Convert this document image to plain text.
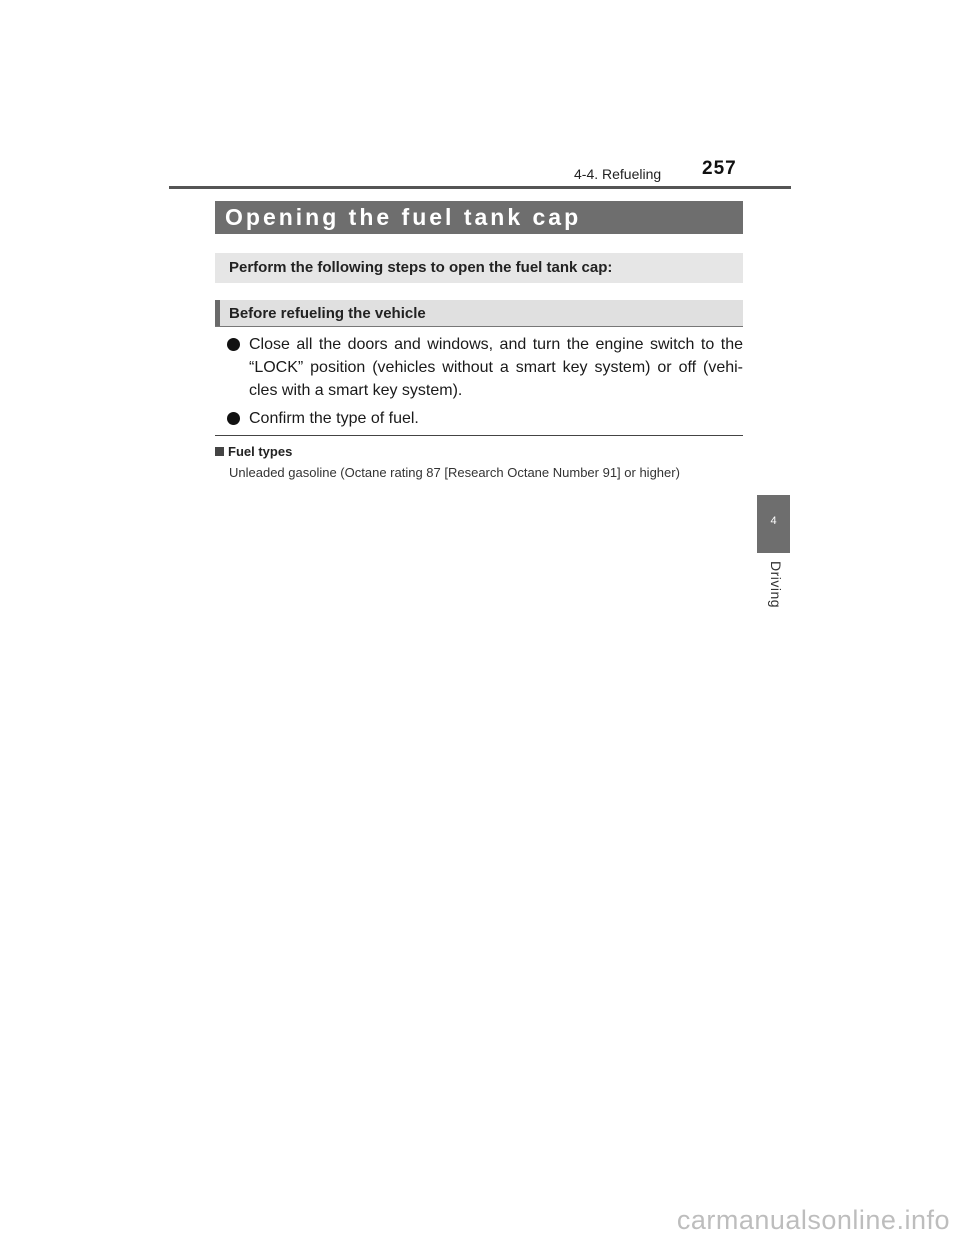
4-4. Refueling 257
Opening the fuel tank cap
Perform the following steps to open the fuel tank cap:
Before refueling the vehicle
Close all the doors and windows, and turn the engine switch to the “LOCK” position (vehicles without a smart key system) or off (vehi-cles with a smart key system).
Confirm the type of fuel.
Fuel types
Unleaded gasoline (Octane rating 87 [Research Octane Number 91] or higher)
4
Driving
carmanualsonline.info
